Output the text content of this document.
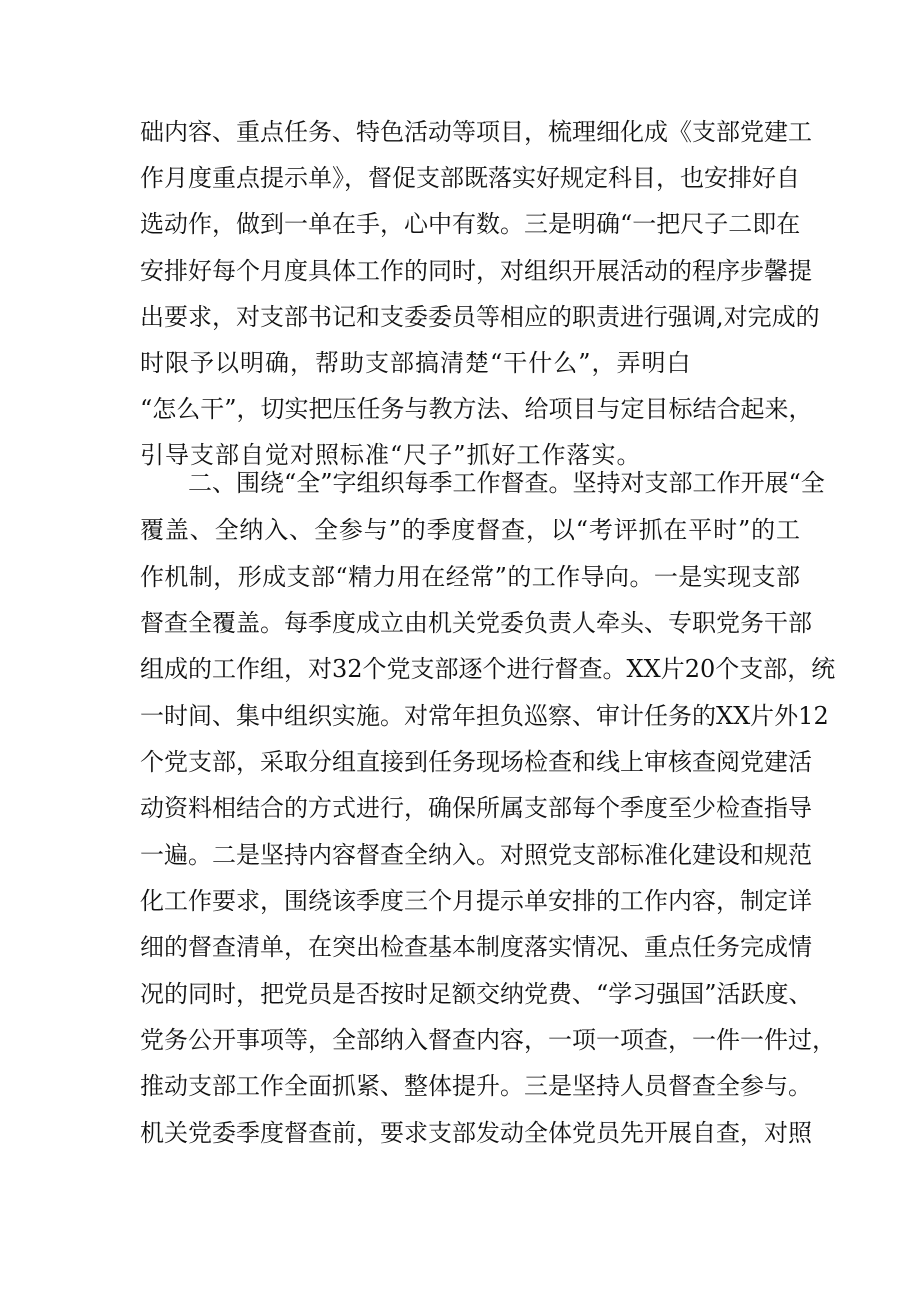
础内容、重点任务、特色活动等项目，梳理细化成《支部党建工
作月度重点提示单》，督促支部既落实好规定科目，也安排好自
选动作，做到一单在手，心中有数。三是明确“一把尺子二即在
安排好每个月度具体工作的同时，对组织开展活动的程序步馨提
出要求，对支部书记和支委委员等相应的职责进行强调,对完成的
时限予以明确，帮助支部搞清楚“干什么”，弄明白
“怎么干”，切实把压任务与教方法、给项目与定目标结合起来，
引导支部自觉对照标准“尺子”抓好工作落实。
二、围绕“全”字组织每季工作督查。坚持对支部工作开展“全
覆盖、全纳入、全参与”的季度督查，以“考评抓在平时”的工
作机制，形成支部“精力用在经常”的工作导向。一是实现支部
督查全覆盖。每季度成立由机关党委负责人牵头、专职党务干部
组成的工作组，对32个党支部逐个进行督查。XX片20个支部，统
一时间、集中组织实施。对常年担负巡察、审计任务的XX片外12
个党支部，采取分组直接到任务现场检查和线上审核查阅党建活
动资料相结合的方式进行，确保所属支部每个季度至少检查指导
一遍。二是坚持内容督查全纳入。对照党支部标准化建设和规范
化工作要求，围绕该季度三个月提示单安排的工作内容，制定详
细的督查清单，在突出检查基本制度落实情况、重点任务完成情
况的同时，把党员是否按时足额交纳党费、“学习强国”活跃度、
党务公开事项等，全部纳入督查内容，一项一项查，一件一件过，
推动支部工作全面抓紧、整体提升。三是坚持人员督查全参与。
机关党委季度督查前，要求支部发动全体党员先开展自查，对照
